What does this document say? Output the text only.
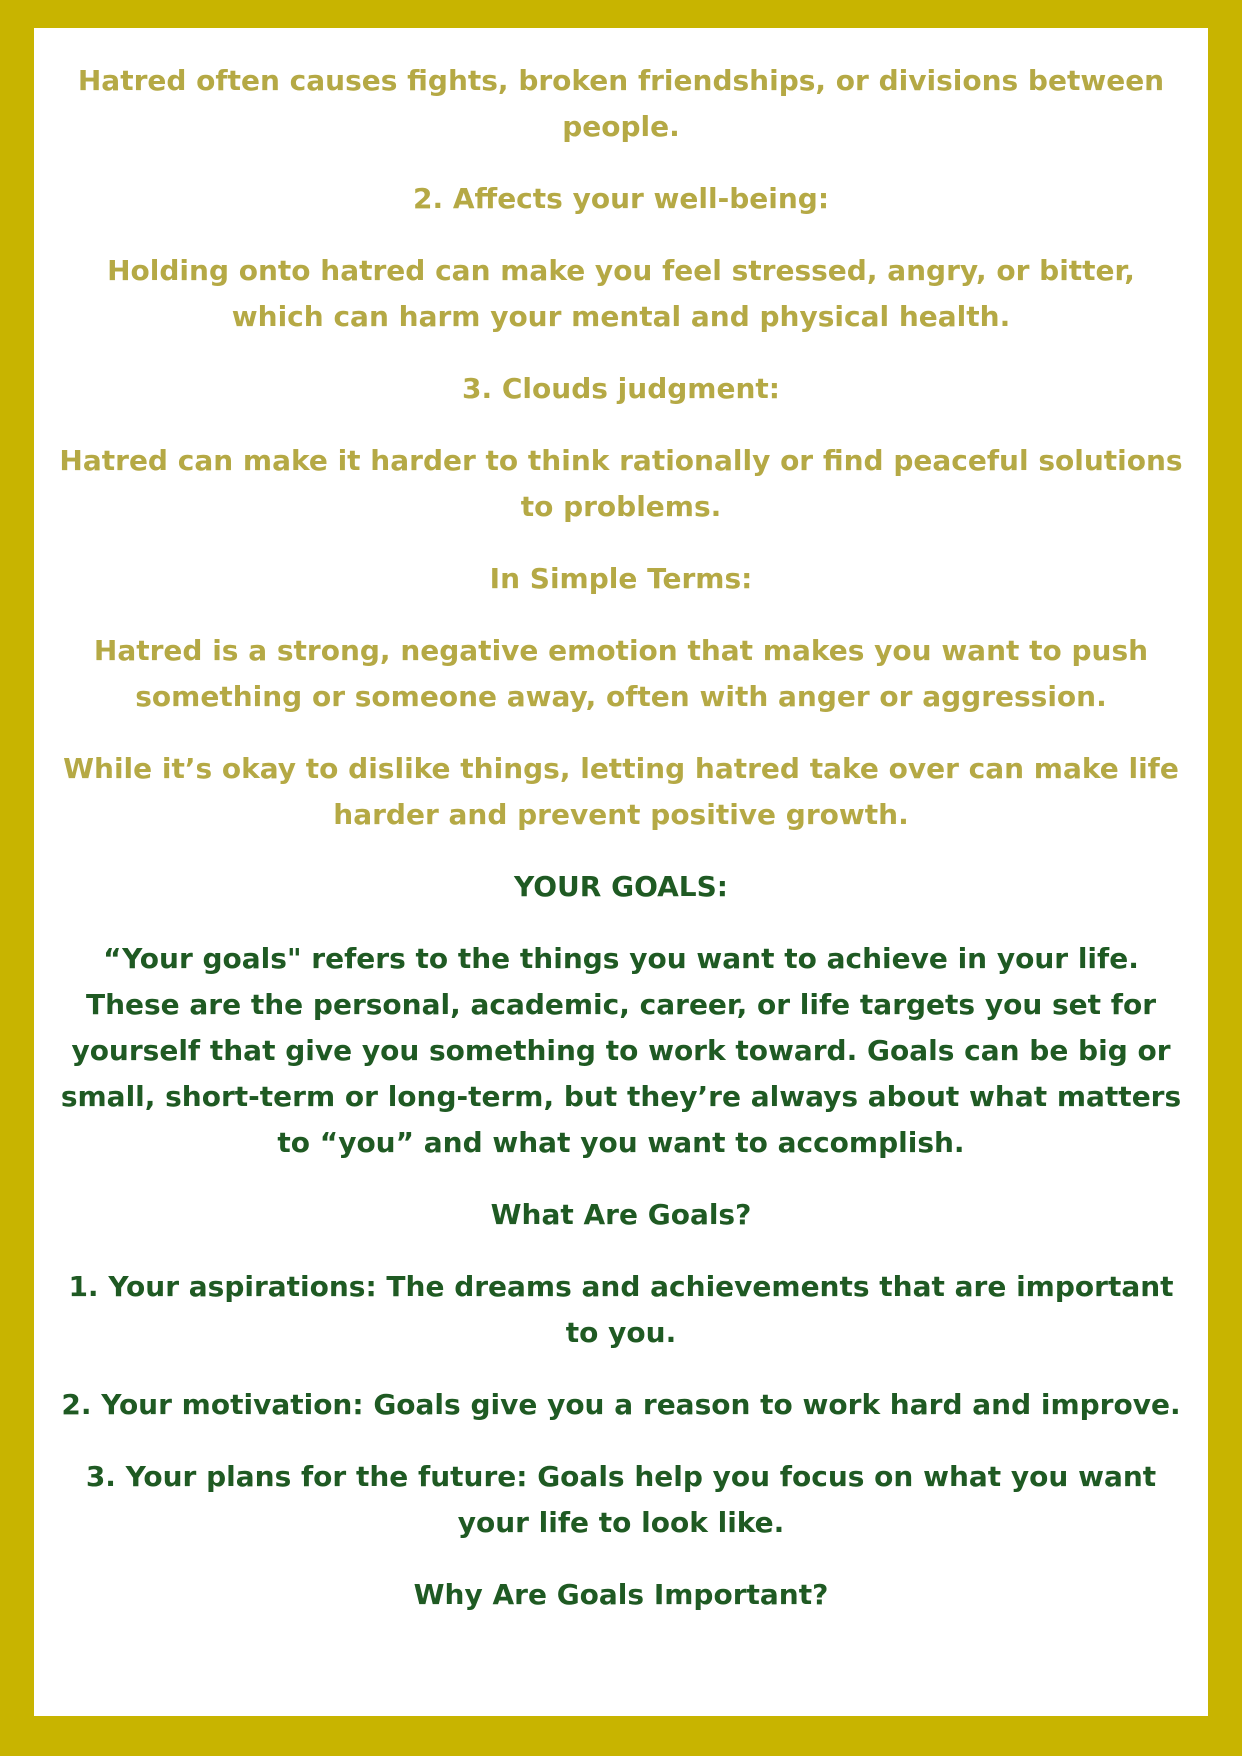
Hatred often causes fights, broken friendships, or divisions between people.

2. Affects your well-being:

Holding onto hatred can make you feel stressed, angry, or bitter, which can harm your mental and physical health.

3. Clouds judgment:

Hatred can make it harder to think rationally or find peaceful solutions to problems.

In Simple Terms:

Hatred is a strong, negative emotion that makes you want to push something or someone away, often with anger or aggression.

While it’s okay to dislike things, letting hatred take over can make life harder and prevent positive growth.

YOUR GOALS:

“Your goals" refers to the things you want to achieve in your life. These are the personal, academic, career, or life targets you set for yourself that give you something to work toward. Goals can be big or small, short-term or long-term, but they’re always about what matters to “you” and what you want to accomplish.

What Are Goals?

1. Your aspirations: The dreams and achievements that are important to you.

2. Your motivation: Goals give you a reason to work hard and improve.

3. Your plans for the future: Goals help you focus on what you want your life to look like.

Why Are Goals Important?
